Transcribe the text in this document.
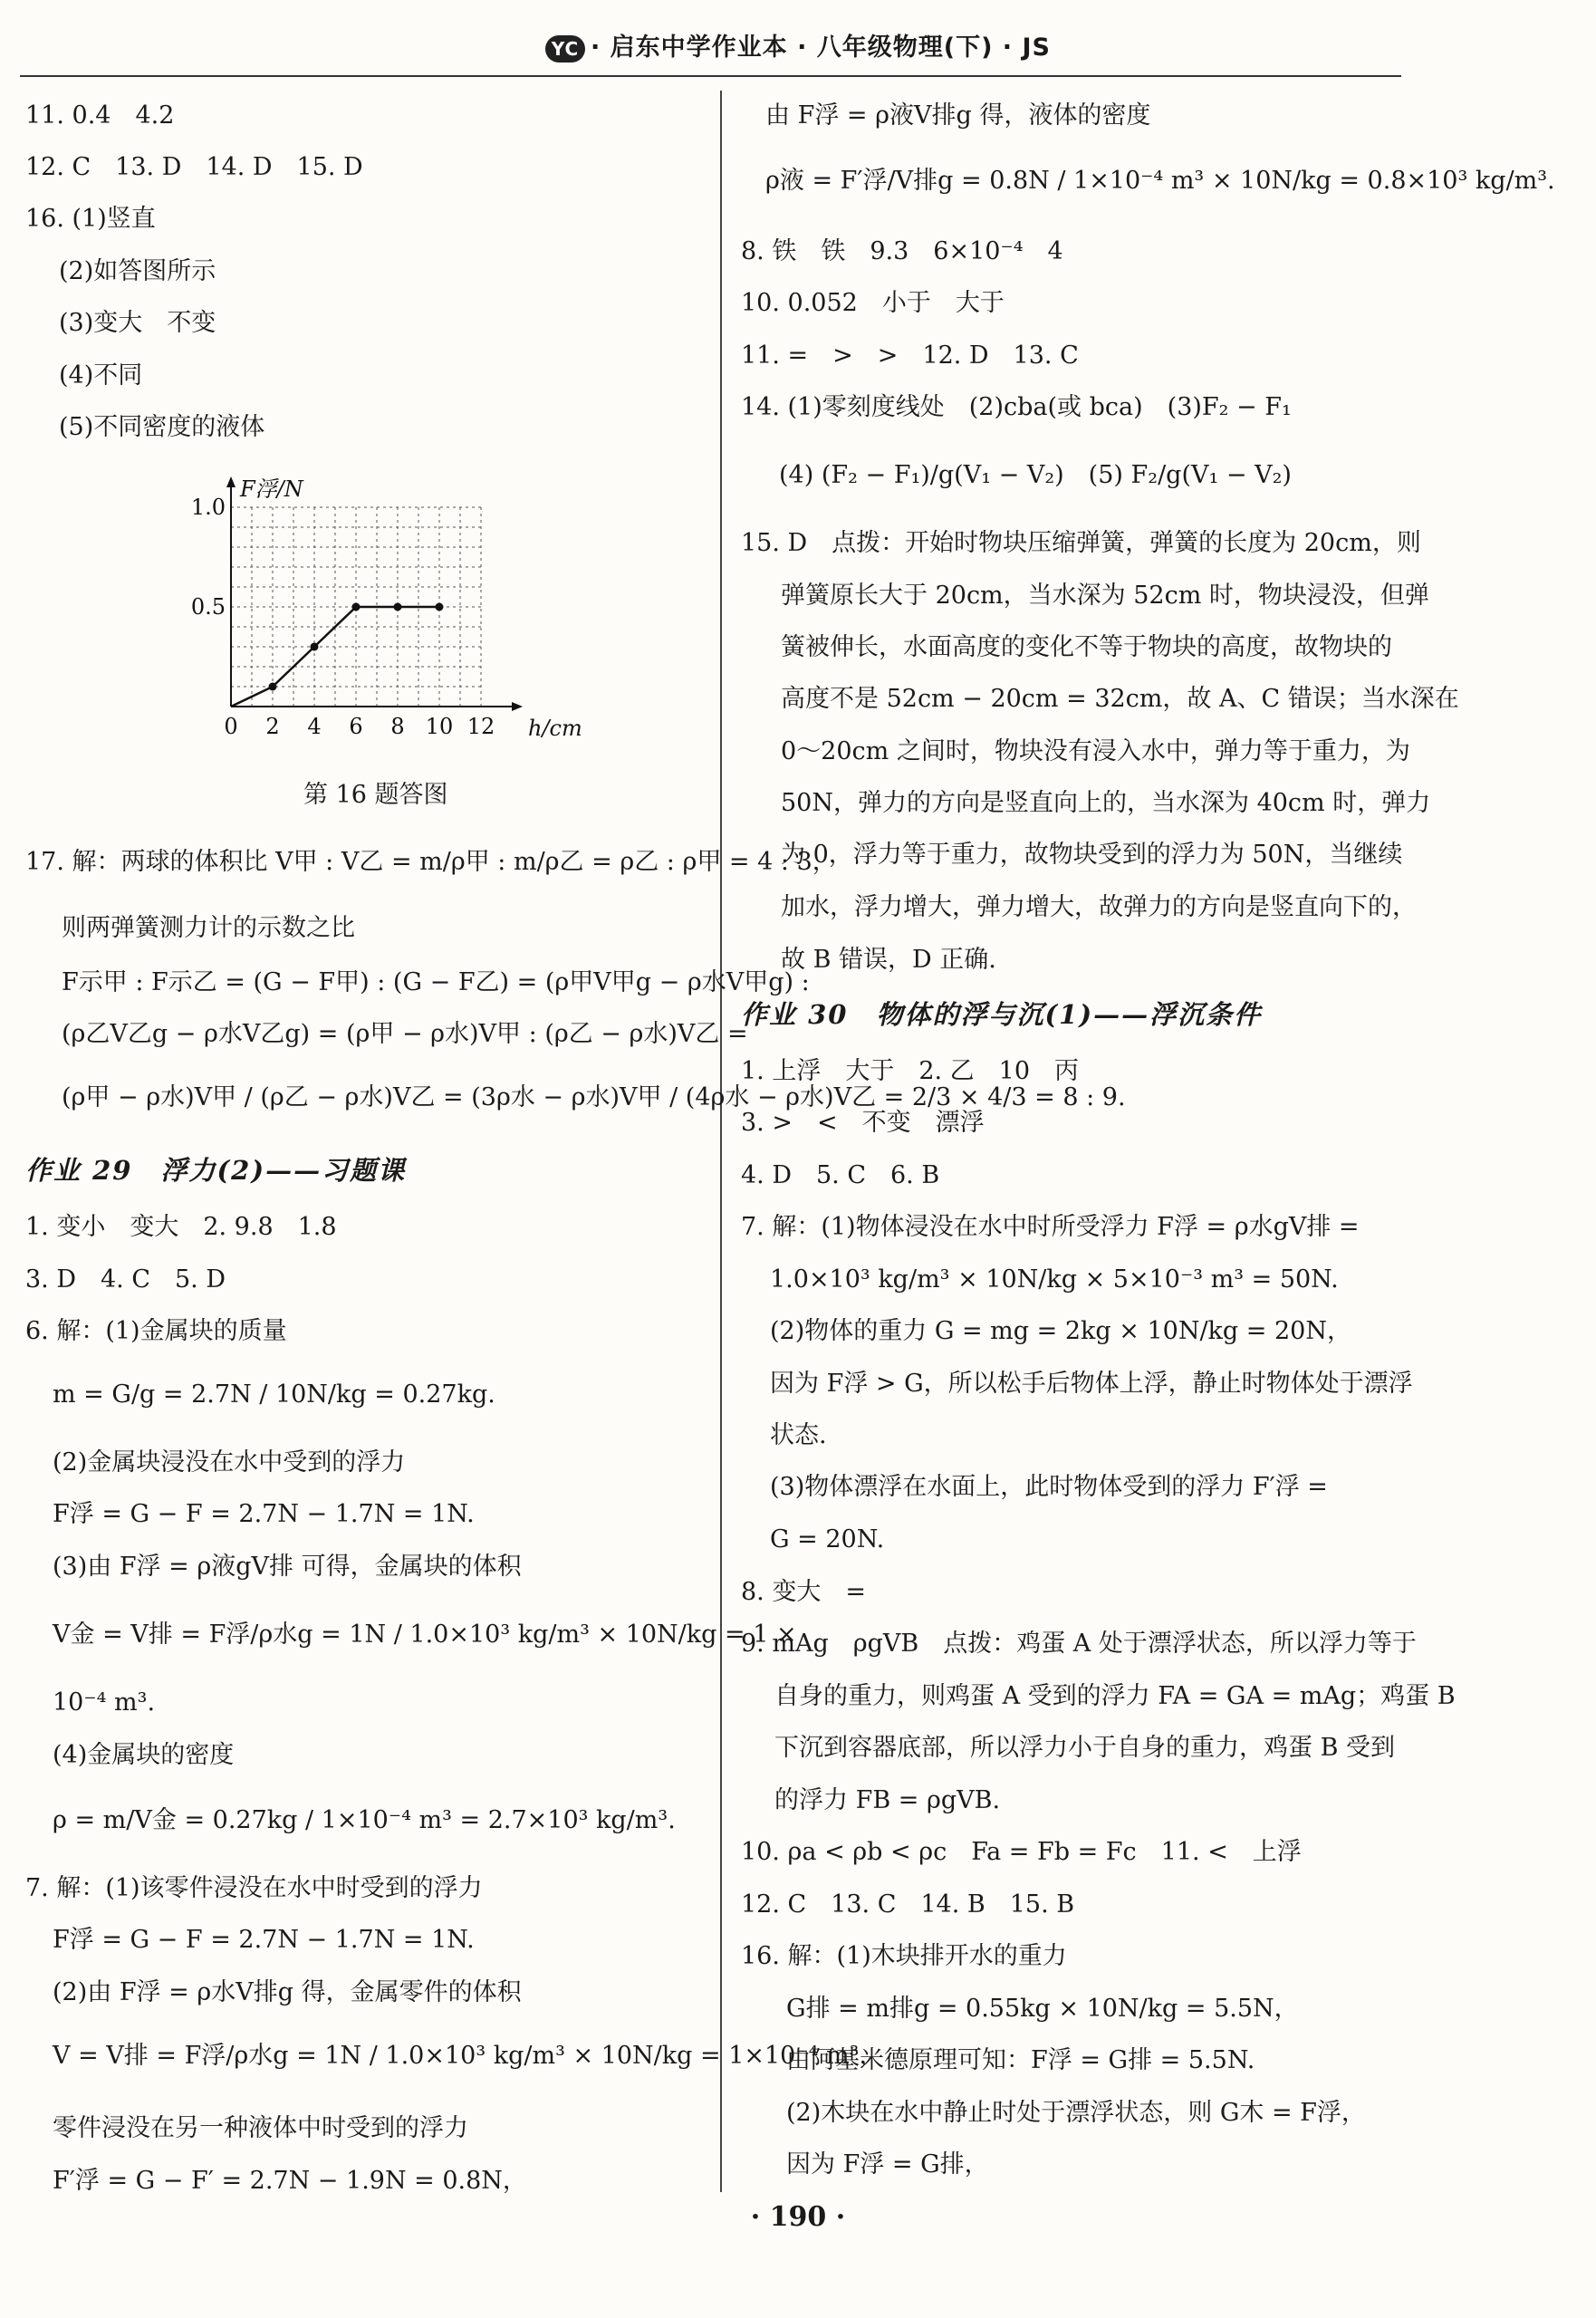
YC · 启东中学作业本 · 八年级物理(下) · JS
11. 0.4　4.2
12. C　13. D　14. D　15. D
16. (1)竖直
(2)如答图所示
(3)变大　不变
(4)不同
(5)不同密度的液体
0 2 4 6 8 10 12
0.5
1.0
h/cm
F浮/N
第 16 题答图
17. 解：两球的体积比 V甲 : V乙 = m/ρ甲 : m/ρ乙 = ρ乙 : ρ甲 = 4 : 3，
则两弹簧测力计的示数之比
F示甲 : F示乙 = (G − F甲) : (G − F乙) = (ρ甲V甲g − ρ水V甲g) :
(ρ乙V乙g − ρ水V乙g) = (ρ甲 − ρ水)V甲 : (ρ乙 − ρ水)V乙 =
(ρ甲 − ρ水)V甲 / (ρ乙 − ρ水)V乙 = (3ρ水 − ρ水)V甲 / (4ρ水 − ρ水)V乙 = 2/3 × 4/3 = 8 : 9.
作业 29　浮力(2)——习题课
1. 变小　变大　2. 9.8　1.8
3. D　4. C　5. D
6. 解：(1)金属块的质量
m = G/g = 2.7N / 10N/kg = 0.27kg.
(2)金属块浸没在水中受到的浮力
F浮 = G − F = 2.7N − 1.7N = 1N.
(3)由 F浮 = ρ液gV排 可得，金属块的体积
V金 = V排 = F浮/ρ水g = 1N / 1.0×10³ kg/m³ × 10N/kg = 1 ×
10⁻⁴ m³.
(4)金属块的密度
ρ = m/V金 = 0.27kg / 1×10⁻⁴ m³ = 2.7×10³ kg/m³.
7. 解：(1)该零件浸没在水中时受到的浮力
F浮 = G − F = 2.7N − 1.7N = 1N.
(2)由 F浮 = ρ水V排g 得，金属零件的体积
V = V排 = F浮/ρ水g = 1N / 1.0×10³ kg/m³ × 10N/kg = 1×10⁻⁴ m³，
零件浸没在另一种液体中时受到的浮力
F′浮 = G − F′ = 2.7N − 1.9N = 0.8N，
由 F浮 = ρ液V排g 得，液体的密度
ρ液 = F′浮/V排g = 0.8N / 1×10⁻⁴ m³ × 10N/kg = 0.8×10³ kg/m³.
8. 铁　铁　9.3　6×10⁻⁴　4
10. 0.052　小于　大于
11. =　>　>　12. D　13. C
14. (1)零刻度线处　(2)cba(或 bca)　(3)F₂ − F₁
(4) (F₂ − F₁)/g(V₁ − V₂)　(5) F₂/g(V₁ − V₂)
15. D　点拨：开始时物块压缩弹簧，弹簧的长度为 20cm，则
弹簧原长大于 20cm，当水深为 52cm 时，物块浸没，但弹
簧被伸长，水面高度的变化不等于物块的高度，故物块的
高度不是 52cm − 20cm = 32cm，故 A、C 错误；当水深在
0～20cm 之间时，物块没有浸入水中，弹力等于重力，为
50N，弹力的方向是竖直向上的，当水深为 40cm 时，弹力
为 0，浮力等于重力，故物块受到的浮力为 50N，当继续
加水，浮力增大，弹力增大，故弹力的方向是竖直向下的，
故 B 错误，D 正确.
作业 30　物体的浮与沉(1)——浮沉条件
1. 上浮　大于　2. 乙　10　丙
3. >　<　不变　漂浮
4. D　5. C　6. B
7. 解：(1)物体浸没在水中时所受浮力 F浮 = ρ水gV排 =
1.0×10³ kg/m³ × 10N/kg × 5×10⁻³ m³ = 50N.
(2)物体的重力 G = mg = 2kg × 10N/kg = 20N，
因为 F浮 > G，所以松手后物体上浮，静止时物体处于漂浮
状态.
(3)物体漂浮在水面上，此时物体受到的浮力 F′浮 =
G = 20N.
8. 变大　=
9. mAg　ρgVB　点拨：鸡蛋 A 处于漂浮状态，所以浮力等于
自身的重力，则鸡蛋 A 受到的浮力 FA = GA = mAg；鸡蛋 B
下沉到容器底部，所以浮力小于自身的重力，鸡蛋 B 受到
的浮力 FB = ρgVB.
10. ρa < ρb < ρc　Fa = Fb = Fc　11. <　上浮
12. C　13. C　14. B　15. B
16. 解：(1)木块排开水的重力
G排 = m排g = 0.55kg × 10N/kg = 5.5N，
由阿基米德原理可知：F浮 = G排 = 5.5N.
(2)木块在水中静止时处于漂浮状态，则 G木 = F浮，
因为 F浮 = G排，
· 190 ·
